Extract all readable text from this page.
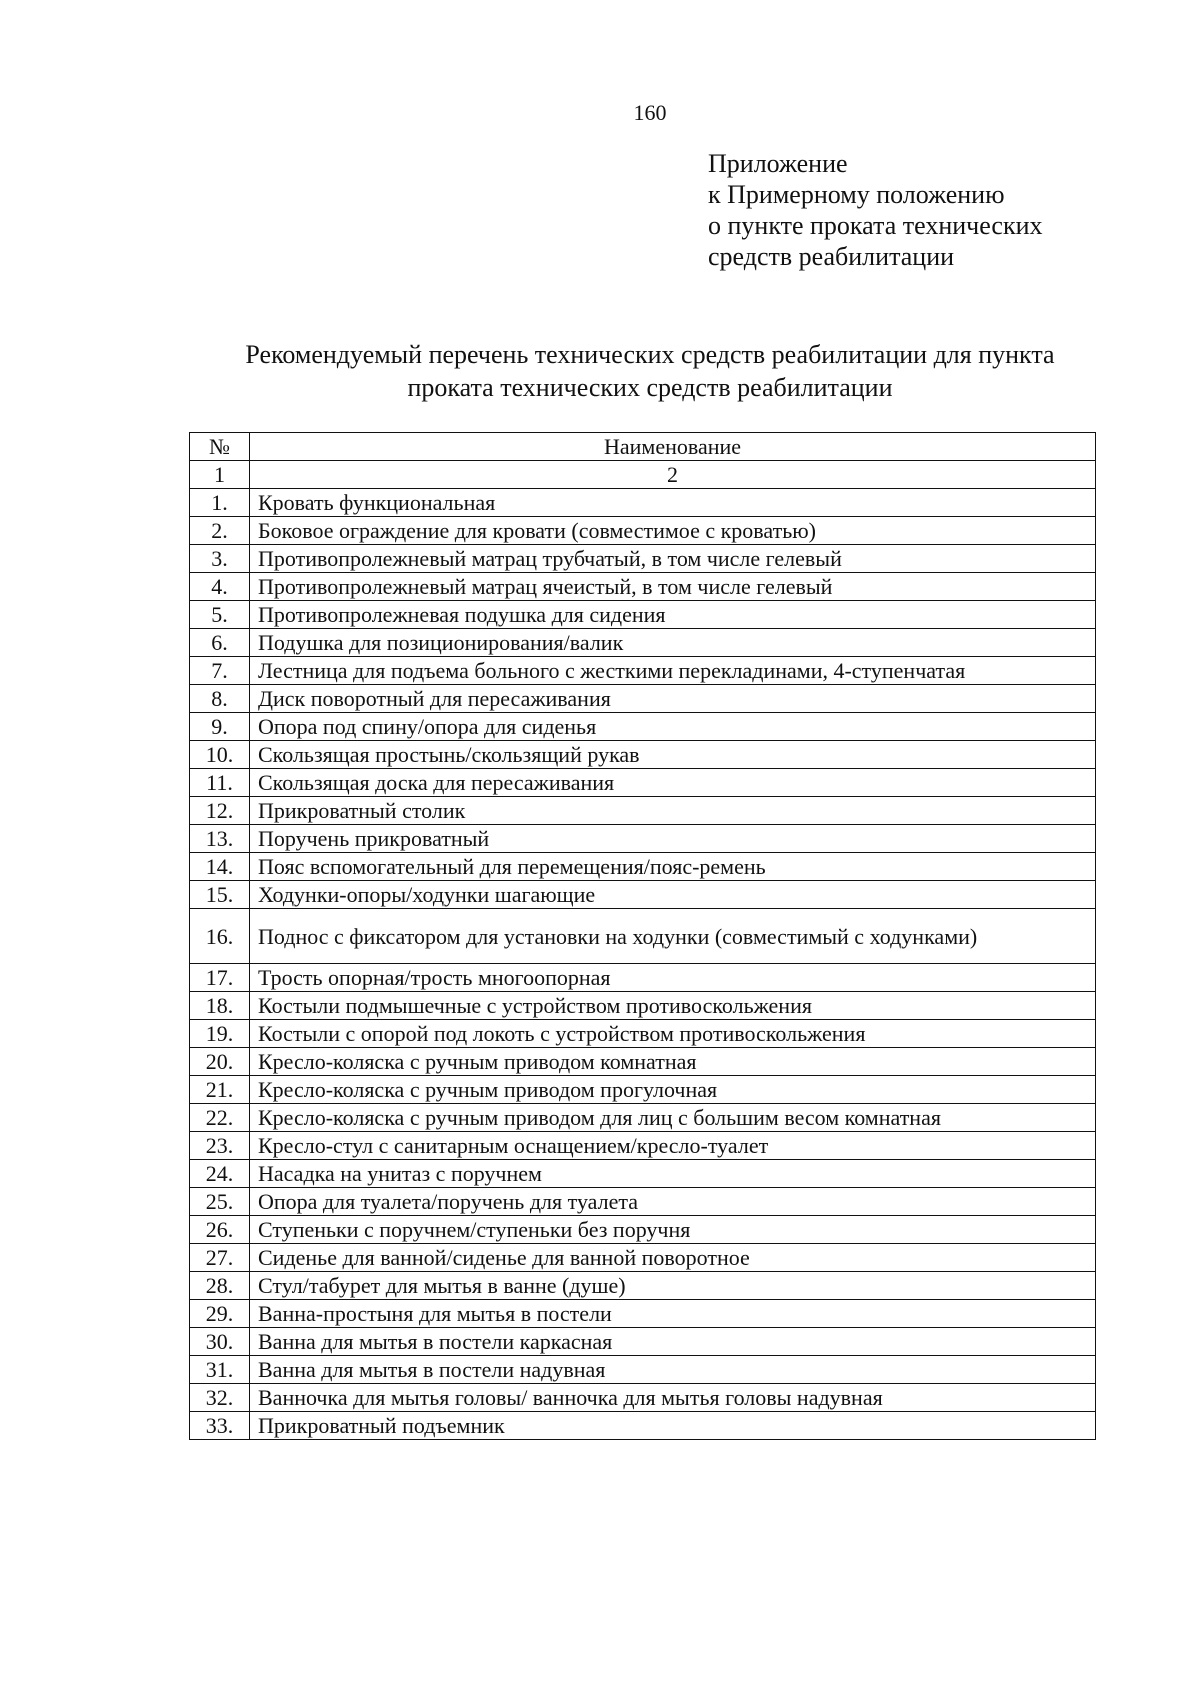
160
Приложение
к Примерному положению
о пункте проката технических
средств реабилитации
Рекомендуемый перечень технических средств реабилитации для пункта
проката технических средств реабилитации
№	Наименование
1	2
1.	Кровать функциональная
2.	Боковое ограждение для кровати (совместимое с кроватью)
3.	Противопролежневый матрац трубчатый, в том числе гелевый
4.	Противопролежневый матрац ячеистый, в том числе гелевый
5.	Противопролежневая подушка для сидения
6.	Подушка для позиционирования/валик
7.	Лестница для подъема больного с жесткими перекладинами, 4-ступенчатая
8.	Диск поворотный для пересаживания
9.	Опора под спину/опора для сиденья
10.	Скользящая простынь/скользящий рукав
11.	Скользящая доска для пересаживания
12.	Прикроватный столик
13.	Поручень прикроватный
14.	Пояс вспомогательный для перемещения/пояс-ремень
15.	Ходунки-опоры/ходунки шагающие
16.	Поднос с фиксатором для установки на ходунки (совместимый с ходунками)
17.	Трость опорная/трость многоопорная
18.	Костыли подмышечные с устройством противоскольжения
19.	Костыли с опорой под локоть с устройством противоскольжения
20.	Кресло-коляска с ручным приводом комнатная
21.	Кресло-коляска с ручным приводом прогулочная
22.	Кресло-коляска с ручным приводом для лиц с большим весом комнатная
23.	Кресло-стул с санитарным оснащением/кресло-туалет
24.	Насадка на унитаз с поручнем
25.	Опора для туалета/поручень для туалета
26.	Ступеньки с поручнем/ступеньки без поручня
27.	Сиденье для ванной/сиденье для ванной поворотное
28.	Стул/табурет для мытья в ванне (душе)
29.	Ванна-простыня для мытья в постели
30.	Ванна для мытья в постели каркасная
31.	Ванна для мытья в постели надувная
32.	Ванночка для мытья головы/ ванночка для мытья головы надувная
33.	Прикроватный подъемник
